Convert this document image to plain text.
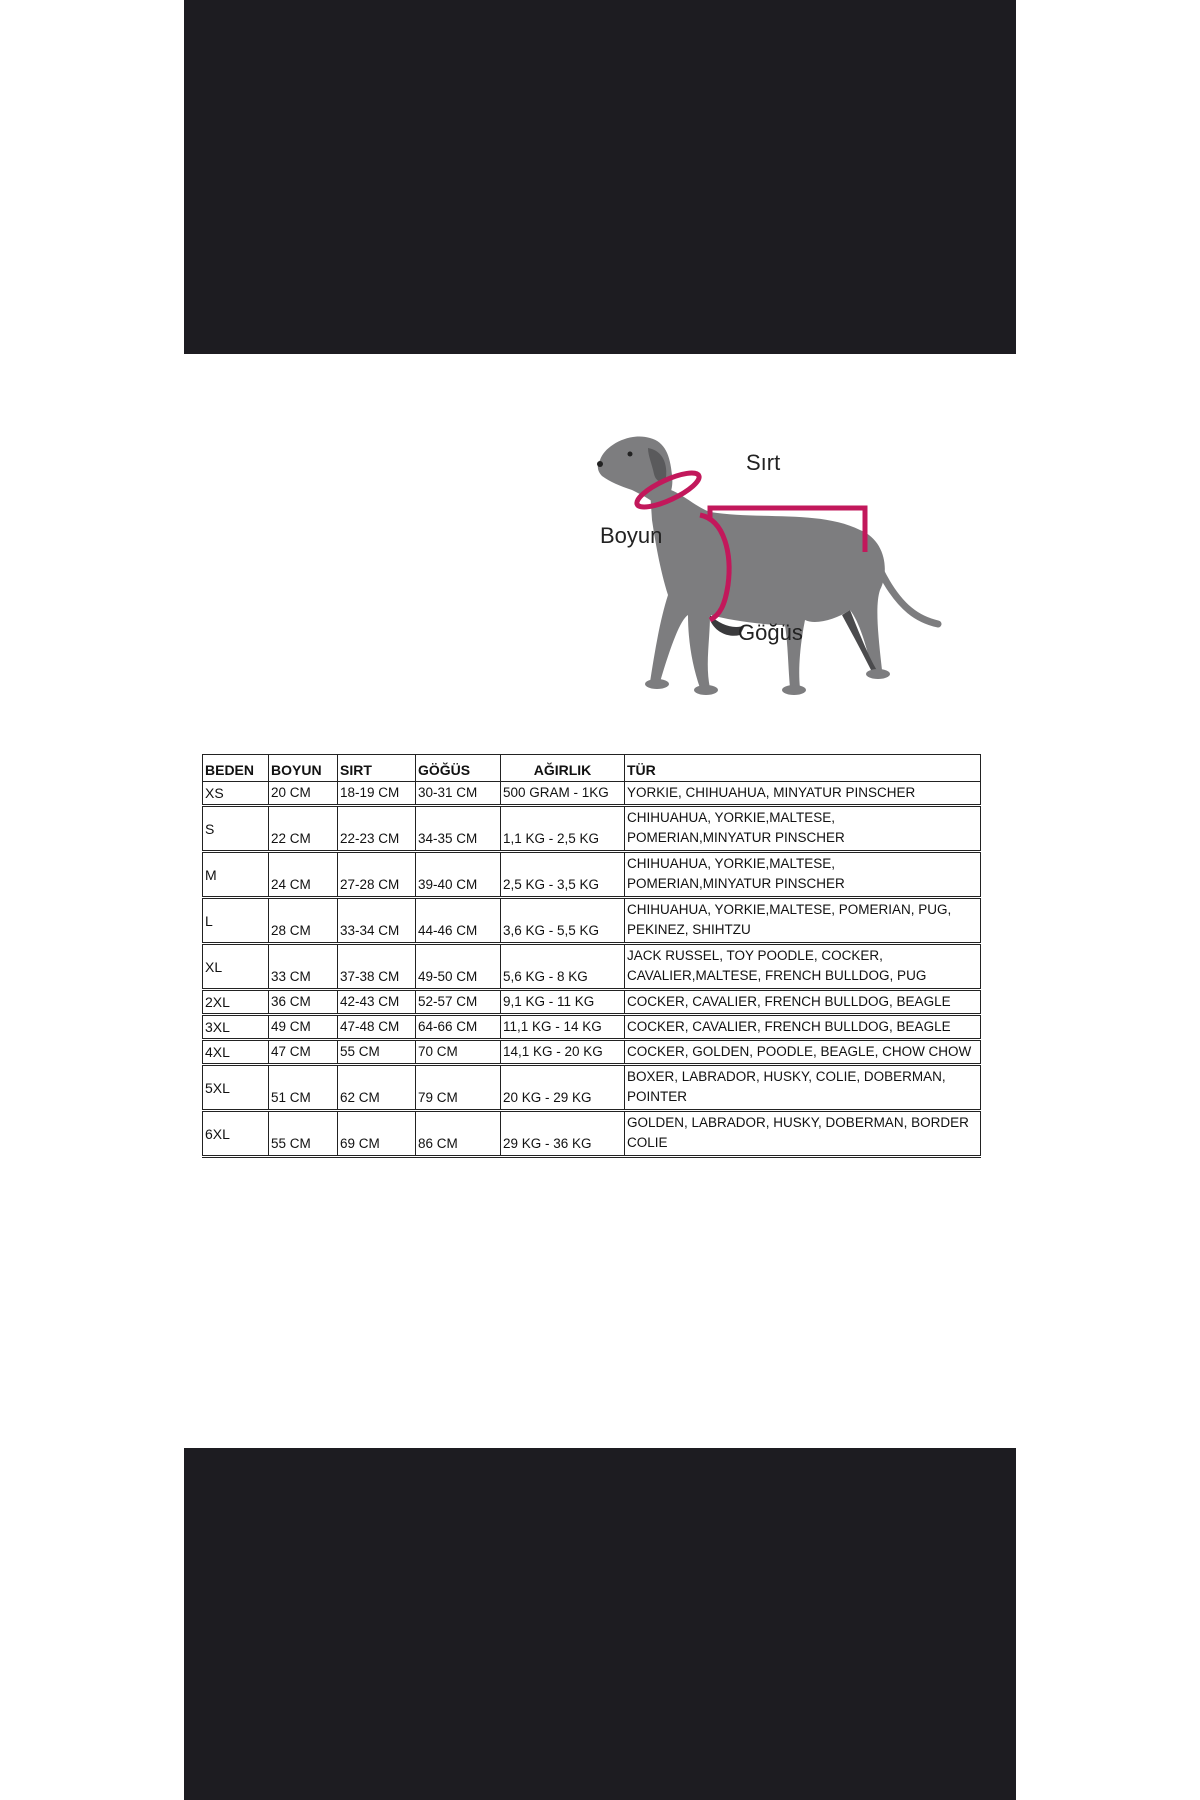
Sırt
Boyun
Göğüs
BEDEN	BOYUN	SIRT	GÖĞÜS	AĞIRLIK	TÜR
XS	20 CM	18-19 CM	30-31 CM	500 GRAM - 1KG	YORKIE, CHIHUAHUA, MINYATUR PINSCHER
S	22 CM	22-23 CM	34-35 CM	1,1 KG - 2,5 KG	CHIHUAHUA, YORKIE,MALTESE, POMERIAN,MINYATUR PINSCHER
M	24 CM	27-28 CM	39-40 CM	2,5 KG - 3,5 KG	CHIHUAHUA, YORKIE,MALTESE, POMERIAN,MINYATUR PINSCHER
L	28 CM	33-34 CM	44-46 CM	3,6 KG - 5,5 KG	CHIHUAHUA, YORKIE,MALTESE, POMERIAN, PUG, PEKINEZ, SHIHTZU
XL	33 CM	37-38 CM	49-50 CM	5,6 KG - 8 KG	JACK RUSSEL, TOY POODLE, COCKER, CAVALIER,MALTESE, FRENCH BULLDOG, PUG
2XL	36 CM	42-43 CM	52-57 CM	9,1 KG - 11 KG	COCKER, CAVALIER, FRENCH BULLDOG, BEAGLE
3XL	49 CM	47-48 CM	64-66 CM	11,1 KG - 14 KG	COCKER, CAVALIER, FRENCH BULLDOG, BEAGLE
4XL	47 CM	55 CM	70 CM	14,1 KG - 20 KG	COCKER, GOLDEN, POODLE, BEAGLE, CHOW CHOW
5XL	51 CM	62 CM	79 CM	20 KG - 29 KG	BOXER, LABRADOR, HUSKY, COLIE, DOBERMAN, POINTER
6XL	55 CM	69 CM	86 CM	29 KG - 36 KG	GOLDEN, LABRADOR, HUSKY, DOBERMAN, BORDER COLIE
